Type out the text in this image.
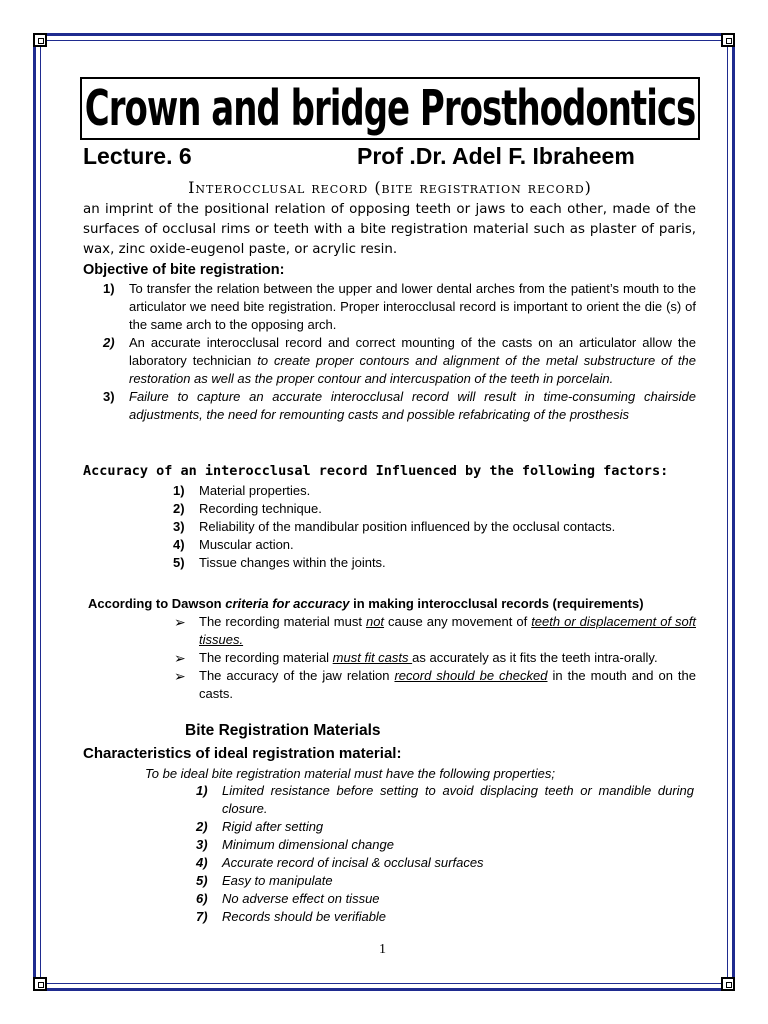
Crown and bridge Prosthodontics
Lecture. 6	Prof .Dr. Adel F. Ibraheem
Interocclusal record (bite registration record)
an imprint of the positional relation of opposing teeth or jaws to each other, made of the surfaces of occlusal rims or teeth with a bite registration material such as plaster of paris, wax, zinc oxide-eugenol paste, or acrylic resin.
Objective of bite registration:
1) To transfer the relation between the upper and lower dental arches from the patient’s mouth to the articulator we need bite registration. Proper interocclusal record is important to orient the die (s) of the same arch to the opposing arch.
2) An accurate interocclusal record and correct mounting of the casts on an articulator allow the laboratory technician to create proper contours and alignment of the metal substructure of the restoration as well as the proper contour and intercuspation of the teeth in porcelain.
3) Failure to capture an accurate interocclusal record will result in time-consuming chairside adjustments, the need for remounting casts and possible refabricating of the prosthesis
Accuracy of an interocclusal record Influenced by the following factors:
1) Material properties.
2) Recording technique.
3) Reliability of the mandibular position influenced by the occlusal contacts.
4) Muscular action.
5) Tissue changes within the joints.
According to Dawson criteria for accuracy in making interocclusal records (requirements)
➢ The recording material must not cause any movement of teeth or displacement of soft tissues.
➢ The recording material must fit casts as accurately as it fits the teeth intra-orally.
➢ The accuracy of the jaw relation record should be checked in the mouth and on the casts.
Bite Registration Materials
Characteristics of ideal registration material:
To be ideal bite registration material must have the following properties;
1) Limited resistance before setting to avoid displacing teeth or mandible during closure.
2) Rigid after setting
3) Minimum dimensional change
4) Accurate record of incisal & occlusal surfaces
5) Easy to manipulate
6) No adverse effect on tissue
7) Records should be verifiable
1
